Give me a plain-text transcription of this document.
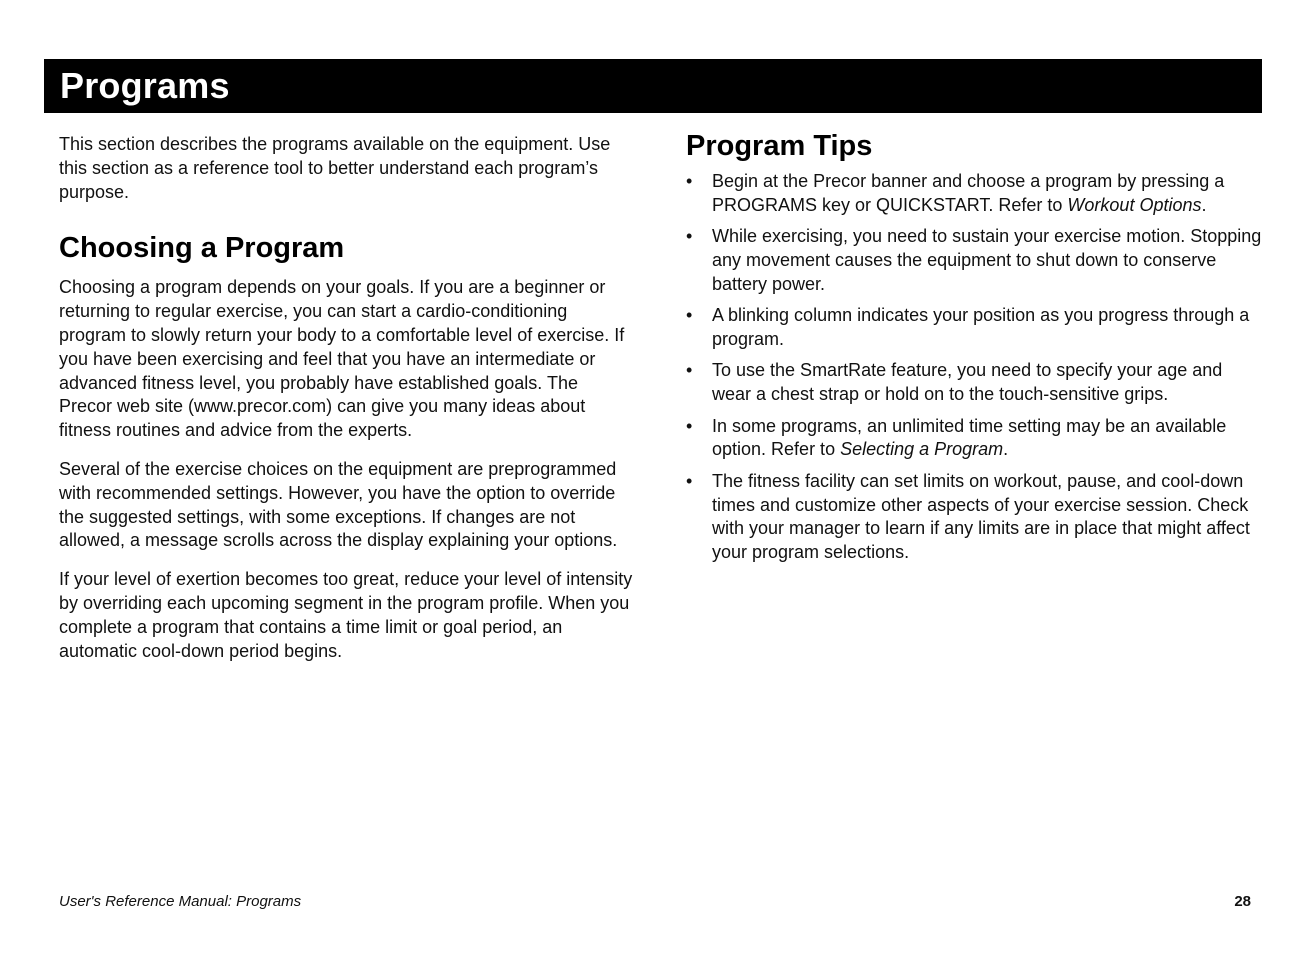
Programs

This section describes the programs available on the equipment. Use this section as a reference tool to better understand each program’s purpose.

Choosing a Program

Choosing a program depends on your goals. If you are a beginner or returning to regular exercise, you can start a cardio-conditioning program to slowly return your body to a comfortable level of exercise. If you have been exercising and feel that you have an intermediate or advanced fitness level, you probably have established goals. The Precor web site (www.precor.com) can give you many ideas about fitness routines and advice from the experts.

Several of the exercise choices on the equipment are preprogrammed with recommended settings. However, you have the option to override the suggested settings, with some exceptions. If changes are not allowed, a message scrolls across the display explaining your options.

If your level of exertion becomes too great, reduce your level of intensity by overriding each upcoming segment in the program profile. When you complete a program that contains a time limit or goal period, an automatic cool-down period begins.

Program Tips
•	Begin at the Precor banner and choose a program by pressing a PROGRAMS key or QUICKSTART. Refer to Workout Options.
•	While exercising, you need to sustain your exercise motion. Stopping any movement causes the equipment to shut down to conserve battery power.
•	A blinking column indicates your position as you progress through a program.
•	To use the SmartRate feature, you need to specify your age and wear a chest strap or hold on to the touch-sensitive grips.
•	In some programs, an unlimited time setting may be an available option. Refer to Selecting a Program.
•	The fitness facility can set limits on workout, pause, and cool-down times and customize other aspects of your exercise session. Check with your manager to learn if any limits are in place that might affect your program selections.
User's Reference Manual: Programs	28
